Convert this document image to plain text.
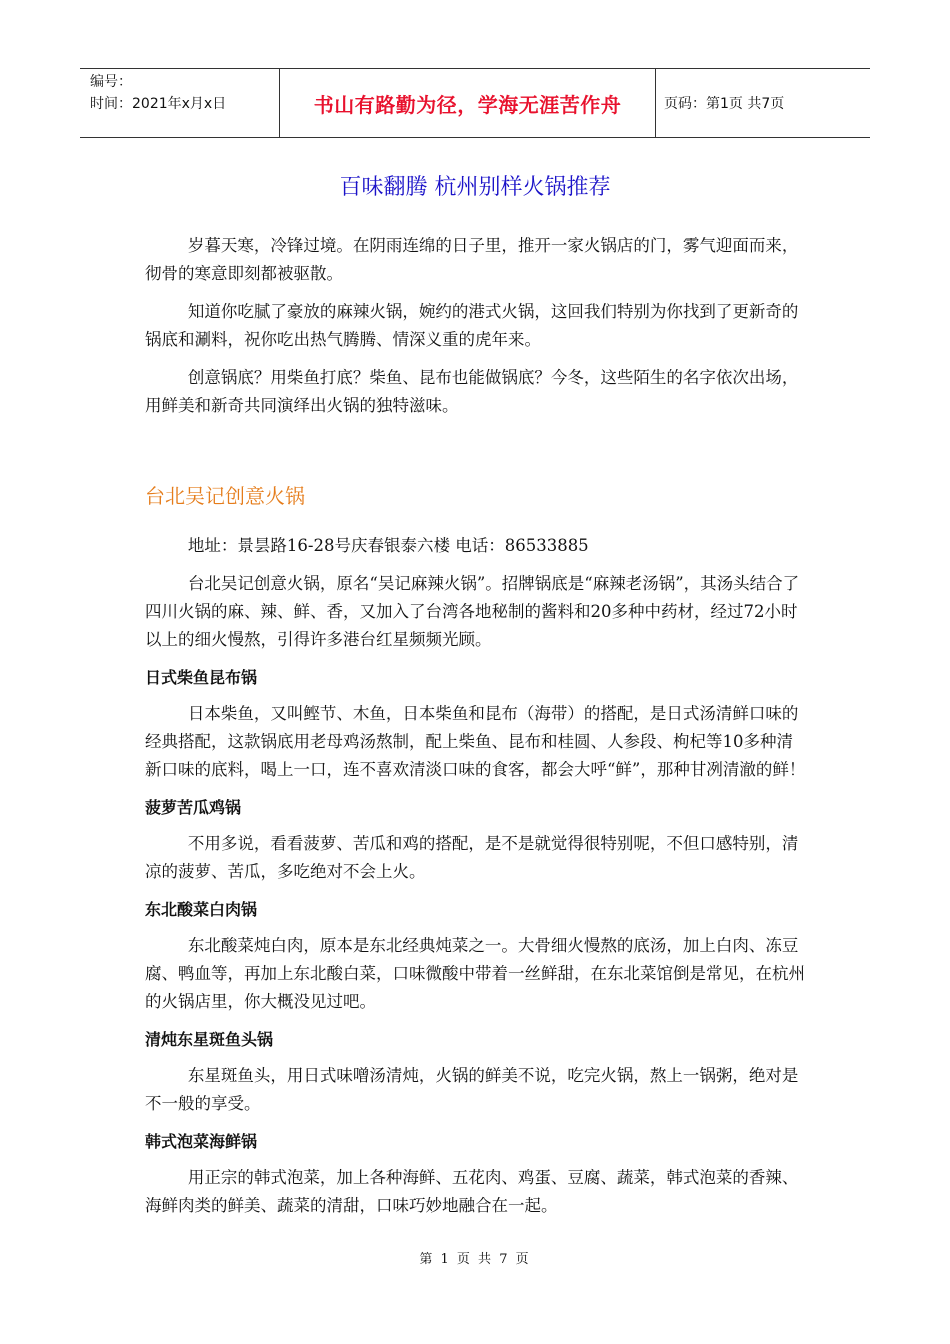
编号：
时间：2021年x月x日	书山有路勤为径，学海无涯苦作舟	页码：第1页 共7页
百味翻腾 杭州别样火锅推荐

岁暮天寒，冷锋过境。在阴雨连绵的日子里，推开一家火锅店的门，雾气迎面而来，彻骨的寒意即刻都被驱散。

知道你吃腻了豪放的麻辣火锅，婉约的港式火锅，这回我们特别为你找到了更新奇的锅底和涮料，祝你吃出热气腾腾、情深义重的虎年来。

创意锅底？用柴鱼打底？柴鱼、昆布也能做锅底？今冬，这些陌生的名字依次出场，用鲜美和新奇共同演绎出火锅的独特滋味。

台北吴记创意火锅

地址：景昙路16-28号庆春银泰六楼 电话：86533885

台北吴记创意火锅，原名“吴记麻辣火锅”。招牌锅底是“麻辣老汤锅”，其汤头结合了四川火锅的麻、辣、鲜、香，又加入了台湾各地秘制的酱料和20多种中药材，经过72小时以上的细火慢熬，引得许多港台红星频频光顾。

日式柴鱼昆布锅

日本柴鱼，又叫鲣节、木鱼，日本柴鱼和昆布（海带）的搭配，是日式汤清鲜口味的经典搭配，这款锅底用老母鸡汤熬制，配上柴鱼、昆布和桂圆、人参段、枸杞等10多种清新口味的底料，喝上一口，连不喜欢清淡口味的食客，都会大呼“鲜”，那种甘冽清澈的鲜！

菠萝苦瓜鸡锅

不用多说，看看菠萝、苦瓜和鸡的搭配，是不是就觉得很特别呢，不但口感特别，清凉的菠萝、苦瓜，多吃绝对不会上火。

东北酸菜白肉锅

东北酸菜炖白肉，原本是东北经典炖菜之一。大骨细火慢熬的底汤，加上白肉、冻豆腐、鸭血等，再加上东北酸白菜，口味微酸中带着一丝鲜甜，在东北菜馆倒是常见，在杭州的火锅店里，你大概没见过吧。

清炖东星斑鱼头锅

东星斑鱼头，用日式味噌汤清炖，火锅的鲜美不说，吃完火锅，熬上一锅粥，绝对是不一般的享受。

韩式泡菜海鲜锅

用正宗的韩式泡菜，加上各种海鲜、五花肉、鸡蛋、豆腐、蔬菜，韩式泡菜的香辣、海鲜肉类的鲜美、蔬菜的清甜，口味巧妙地融合在一起。

第 1 页 共 7 页
